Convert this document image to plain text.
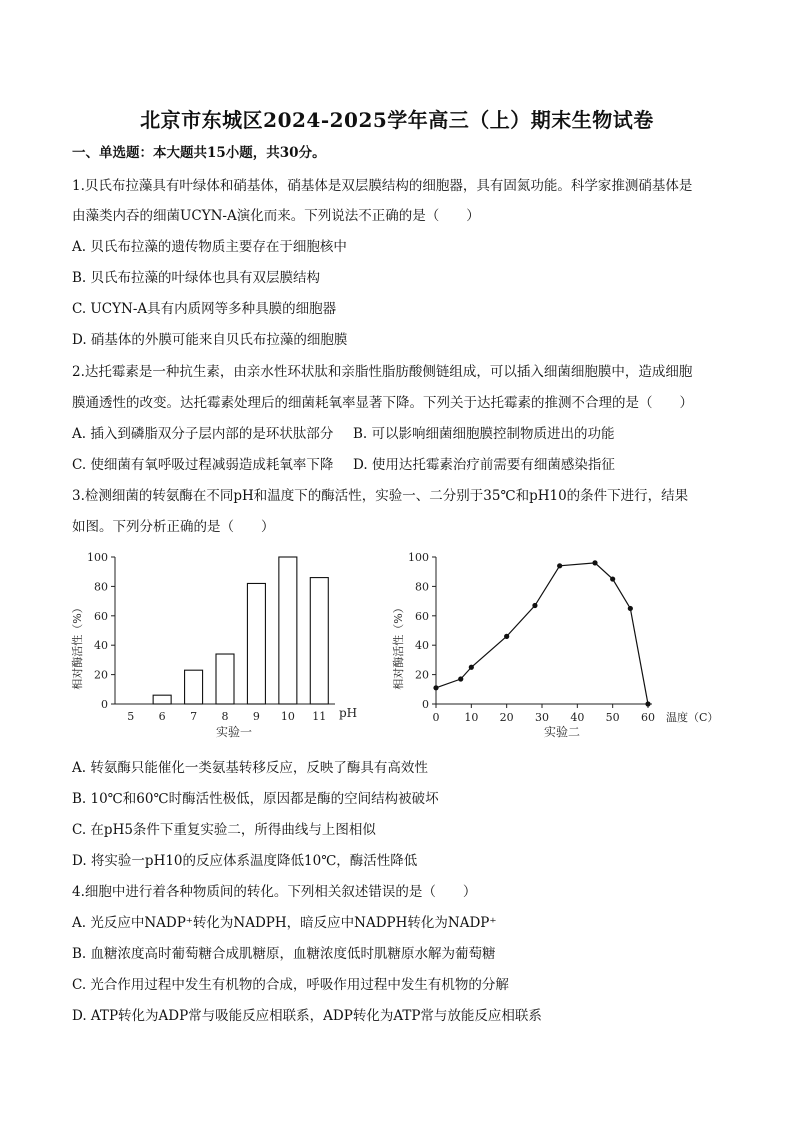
北京市东城区2024-2025学年高三（上）期末生物试卷
一、单选题：本大题共15小题，共30分。
1.贝氏布拉藻具有叶绿体和硝基体，硝基体是双层膜结构的细胞器，具有固氮功能。科学家推测硝基体是
由藻类内吞的细菌UCYN-A演化而来。下列说法不正确的是（　　）
A. 贝氏布拉藻的遗传物质主要存在于细胞核中
B. 贝氏布拉藻的叶绿体也具有双层膜结构
C. UCYN-A具有内质网等多种具膜的细胞器
D. 硝基体的外膜可能来自贝氏布拉藻的细胞膜
2.达托霉素是一种抗生素，由亲水性环状肽和亲脂性脂肪酸侧链组成，可以插入细菌细胞膜中，造成细胞
膜通透性的改变。达托霉素处理后的细菌耗氧率显著下降。下列关于达托霉素的推测不合理的是（　　）
A. 插入到磷脂双分子层内部的是环状肽部分 B. 可以影响细菌细胞膜控制物质进出的功能
C. 使细菌有氧呼吸过程减弱造成耗氧率下降 D. 使用达托霉素治疗前需要有细菌感染指征
3.检测细菌的转氨酶在不同pH和温度下的酶活性，实验一、二分别于35℃和pH10的条件下进行，结果
如图。下列分析正确的是（　　）
相对酶活性（%）
0
20
40
60
80
100
5 6 7 8 9 10 11 pH
实验一
相对酶活性（%）
0
20
40
60
80
100
0 10 20 30 40 50 60 温度（C）
实验二
A. 转氨酶只能催化一类氨基转移反应，反映了酶具有高效性
B. 10℃和60℃时酶活性极低，原因都是酶的空间结构被破坏
C. 在pH5条件下重复实验二，所得曲线与上图相似
D. 将实验一pH10的反应体系温度降低10℃，酶活性降低
4.细胞中进行着各种物质间的转化。下列相关叙述错误的是（　　）
A. 光反应中NADP⁺转化为NADPH，暗反应中NADPH转化为NADP⁺
B. 血糖浓度高时葡萄糖合成肌糖原，血糖浓度低时肌糖原水解为葡萄糖
C. 光合作用过程中发生有机物的合成，呼吸作用过程中发生有机物的分解
D. ATP转化为ADP常与吸能反应相联系，ADP转化为ATP常与放能反应相联系
